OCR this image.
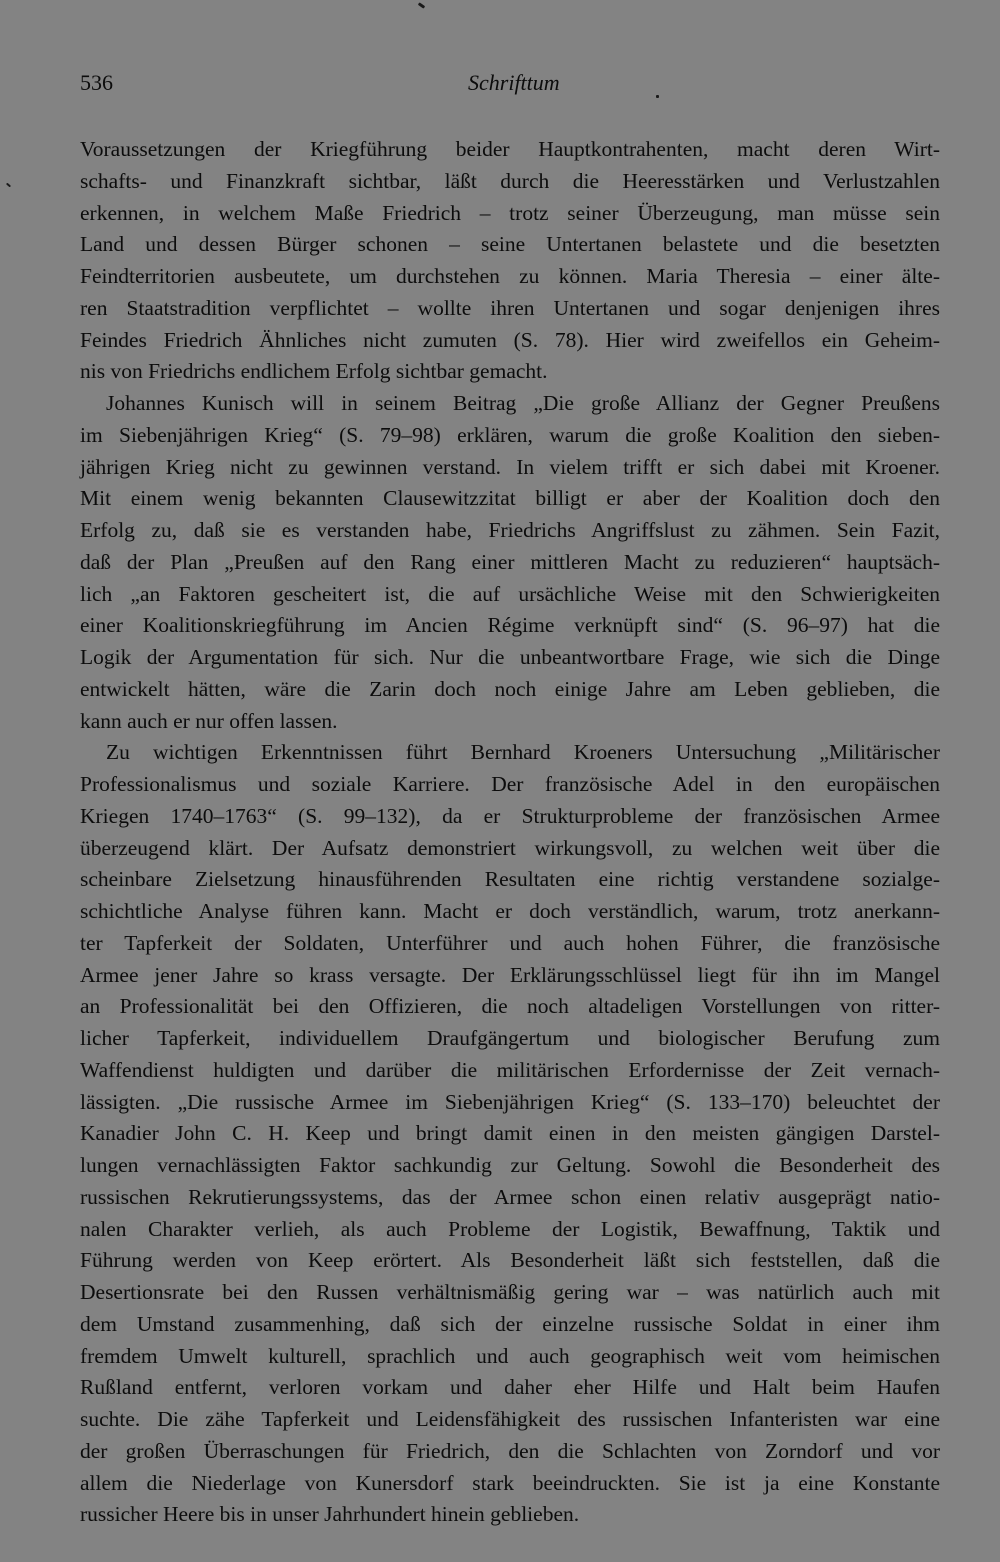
536	Schrifttum
Voraussetzungen der Kriegführung beider Hauptkontrahenten, macht deren Wirt-
schafts- und Finanzkraft sichtbar, läßt durch die Heeresstärken und Verlustzahlen
erkennen, in welchem Maße Friedrich – trotz seiner Überzeugung, man müsse sein
Land und dessen Bürger schonen – seine Untertanen belastete und die besetzten
Feindterritorien ausbeutete, um durchstehen zu können. Maria Theresia – einer älte-
ren Staatstradition verpflichtet – wollte ihren Untertanen und sogar denjenigen ihres
Feindes Friedrich Ähnliches nicht zumuten (S. 78). Hier wird zweifellos ein Geheim-
nis von Friedrichs endlichem Erfolg sichtbar gemacht.
Johannes Kunisch will in seinem Beitrag „Die große Allianz der Gegner Preußens
im Siebenjährigen Krieg“ (S. 79–98) erklären, warum die große Koalition den sieben-
jährigen Krieg nicht zu gewinnen verstand. In vielem trifft er sich dabei mit Kroener.
Mit einem wenig bekannten Clausewitzzitat billigt er aber der Koalition doch den
Erfolg zu, daß sie es verstanden habe, Friedrichs Angriffslust zu zähmen. Sein Fazit,
daß der Plan „Preußen auf den Rang einer mittleren Macht zu reduzieren“ hauptsäch-
lich „an Faktoren gescheitert ist, die auf ursächliche Weise mit den Schwierigkeiten
einer Koalitionskriegführung im Ancien Régime verknüpft sind“ (S. 96–97) hat die
Logik der Argumentation für sich. Nur die unbeantwortbare Frage, wie sich die Dinge
entwickelt hätten, wäre die Zarin doch noch einige Jahre am Leben geblieben, die
kann auch er nur offen lassen.
Zu wichtigen Erkenntnissen führt Bernhard Kroeners Untersuchung „Militärischer
Professionalismus und soziale Karriere. Der französische Adel in den europäischen
Kriegen 1740–1763“ (S. 99–132), da er Strukturprobleme der französischen Armee
überzeugend klärt. Der Aufsatz demonstriert wirkungsvoll, zu welchen weit über die
scheinbare Zielsetzung hinausführenden Resultaten eine richtig verstandene sozialge-
schichtliche Analyse führen kann. Macht er doch verständlich, warum, trotz anerkann-
ter Tapferkeit der Soldaten, Unterführer und auch hohen Führer, die französische
Armee jener Jahre so krass versagte. Der Erklärungsschlüssel liegt für ihn im Mangel
an Professionalität bei den Offizieren, die noch altadeligen Vorstellungen von ritter-
licher Tapferkeit, individuellem Draufgängertum und biologischer Berufung zum
Waffendienst huldigten und darüber die militärischen Erfordernisse der Zeit vernach-
lässigten. „Die russische Armee im Siebenjährigen Krieg“ (S. 133–170) beleuchtet der
Kanadier John C. H. Keep und bringt damit einen in den meisten gängigen Darstel-
lungen vernachlässigten Faktor sachkundig zur Geltung. Sowohl die Besonderheit des
russischen Rekrutierungssystems, das der Armee schon einen relativ ausgeprägt natio-
nalen Charakter verlieh, als auch Probleme der Logistik, Bewaffnung, Taktik und
Führung werden von Keep erörtert. Als Besonderheit läßt sich feststellen, daß die
Desertionsrate bei den Russen verhältnismäßig gering war – was natürlich auch mit
dem Umstand zusammenhing, daß sich der einzelne russische Soldat in einer ihm
fremdem Umwelt kulturell, sprachlich und auch geographisch weit vom heimischen
Rußland entfernt, verloren vorkam und daher eher Hilfe und Halt beim Haufen
suchte. Die zähe Tapferkeit und Leidensfähigkeit des russischen Infanteristen war eine
der großen Überraschungen für Friedrich, den die Schlachten von Zorndorf und vor
allem die Niederlage von Kunersdorf stark beeindruckten. Sie ist ja eine Konstante
russicher Heere bis in unser Jahrhundert hinein geblieben.
